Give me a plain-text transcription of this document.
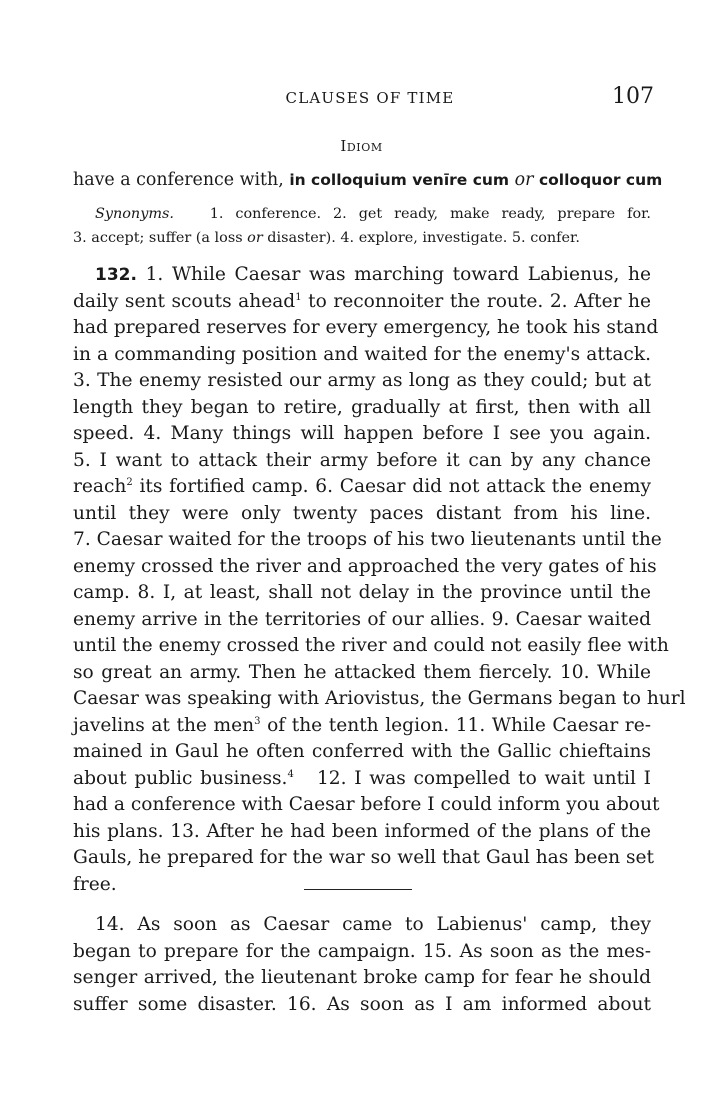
CLAUSES OF TIME	107
Idiom
have a conference with, in colloquium venīre cum or colloquor cum
Synonyms. 1. conference. 2. get ready, make ready, prepare for.
3. accept; suffer (a loss or disaster). 4. explore, investigate. 5. confer.
132. 1. While Caesar was marching toward Labienus, he
daily sent scouts ahead$^1$ to reconnoiter the route. 2. After he
had prepared reserves for every emergency, he took his stand
in a commanding position and waited for the enemy's attack.
3. The enemy resisted our army as long as they could; but at
length they began to retire, gradually at first, then with all
speed. 4. Many things will happen before I see you again.
5. I want to attack their army before it can by any chance
reach$^2$ its fortified camp. 6. Caesar did not attack the enemy
until they were only twenty paces distant from his line.
7. Caesar waited for the troops of his two lieutenants until the
enemy crossed the river and approached the very gates of his
camp. 8. I, at least, shall not delay in the province until the
enemy arrive in the territories of our allies. 9. Caesar waited
until the enemy crossed the river and could not easily flee with
so great an army. Then he attacked them fiercely. 10. While
Caesar was speaking with Ariovistus, the Germans began to hurl
javelins at the men$^3$ of the tenth legion. 11. While Caesar re-
mained in Gaul he often conferred with the Gallic chieftains
about public business.$^4$ 12. I was compelled to wait until I
had a conference with Caesar before I could inform you about
his plans. 13. After he had been informed of the plans of the
Gauls, he prepared for the war so well that Gaul has been set
free.
14. As soon as Caesar came to Labienus' camp, they
began to prepare for the campaign. 15. As soon as the mes-
senger arrived, the lieutenant broke camp for fear he should
suffer some disaster. 16. As soon as I am informed about
